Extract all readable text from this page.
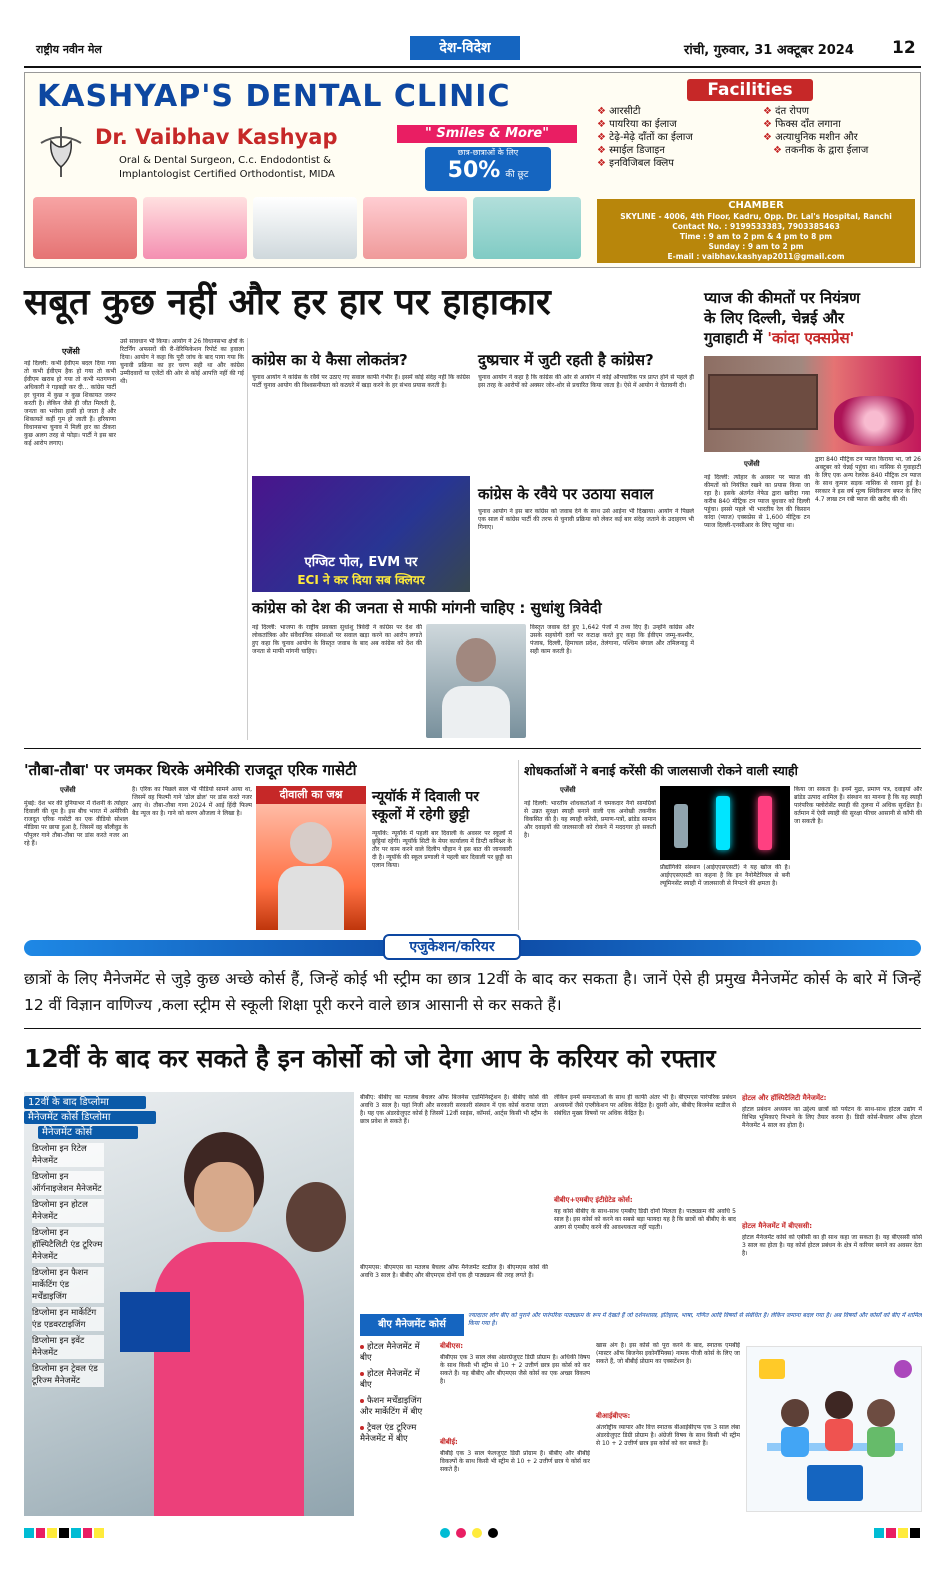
राष्ट्रीय नवीन मेल	देश-विदेश	रांची, गुरुवार, 31 अक्टूबर 2024 12
KASHYAP'S DENTAL CLINIC
Dr. Vaibhav Kashyap
Oral & Dental Surgeon, C.c. Endodontist &
Implantologist Certified Orthodontist, MIDA
" Smiles & More"
छात्र-छात्राओं के लिए
50% की छूट
Facilities
❖ आरसीटी
❖ पायरिया का ईलाज
❖ टेढ़े-मेढ़े दाँतों का ईलाज
❖ स्माईल डिजाइन
❖ इनविजिबल क्लिप
❖ दंत रोपण
❖ फिक्स दाँत लगाना
❖ अत्याधुनिक मशीन और
❖ तकनीक के द्वारा ईलाज
CHAMBER
SKYLINE - 4006, 4th Floor, Kadru, Opp. Dr. Lal's Hospital, Ranchi
Contact No. : 9199533383, 7903385463
Time : 9 am to 2 pm & 4 pm to 8 pm
Sunday : 9 am to 2 pm
E-mail : vaibhav.kashyap2011@gmail.com
सबूत कुछ नहीं और हर हार पर हाहाकार
एजेंसी
नई दिल्ली: कभी ईवीएम बदल दिया गया तो कभी ईवीएम हैक हो गया तो कभी ईवीएम खराब हो गया तो कभी मतगणना अधिकारी ने गड़बड़ी कर दी... कांग्रेस पार्टी हर चुनाव में कुछ न कुछ शिकायत जरूर करती है। लेकिन जैसे ही जीत मिलती है, जनता का भरोसा हासी हो जाता है और शिकायतें कहीं गुम हो जाती हैं। हरियाणा विधानसभा चुनाव में मिली हार का ठीकरा कुछ अलग तरह से फोड़ा। पार्टी ने इस बार कई आरोप लगाए।
उसे सावधान भी किया। आयोग ने 26 विधानसभा क्षेत्रों के रिटर्निंग अफसरों की री-वेरिफिकेशन रिपोर्ट का हवाला दिया। आयोग ने कहा कि पूरी जांच के बाद पाया गया कि चुनावी प्रक्रिया का हर चरण सही था और कांग्रेस उम्मीदवारों या एजेंटों की ओर से कोई आपत्ति नहीं की गई थी।
कांग्रेस का ये कैसा लोकतंत्र?
चुनाव आयोग ने कांग्रेस के रवैये पर उठाए गए सवाल काफी गंभीर हैं। इसमें कोई संदेह नहीं कि कांग्रेस पार्टी चुनाव आयोग की विश्वसनीयता को कठघरे में खड़ा करने के हर संभव प्रयास करती है।
दुष्प्रचार में जुटी रहती है कांग्रेस?
चुनाव आयोग ने कहा है कि कांग्रेस की ओर से आयोग में कोई औपचारिक पत्र प्राप्त होने से पहले ही इस तरह के आरोपों को अक्सर जोर-शोर से प्रचारित किया जाता है। ऐसे में आयोग ने चेतावनी दी।
एग्जिट पोल, EVM पर
ECI ने कर दिया सब क्लियर
कांग्रेस के रवैये पर उठाया सवाल
चुनाव आयोग ने इस बार कांग्रेस को जवाब देने के साथ उसे आईना भी दिखाया। आयोग ने पिछले एक साल में कांग्रेस पार्टी की तरफ से चुनावी प्रक्रिया को लेकर कई बार संदेह जताने के उदाहरण भी गिनाए।
कांग्रेस को देश की जनता से माफी मांगनी चाहिए : सुधांशु त्रिवेदी
नई दिल्ली: भाजपा के राष्ट्रीय प्रवक्ता सुधांशु त्रिवेदी ने कांग्रेस पर देश की लोकतांत्रिक और संवैधानिक संस्थाओं पर सवाल खड़ा करने का आरोप लगाते हुए कहा कि चुनाव आयोग के विस्तृत जवाब के बाद अब कांग्रेस को देश की जनता से माफी मांगनी चाहिए।
विस्तृत जवाब देते हुए 1,642 पेजों में तथ्य दिए हैं। उन्होंने कांग्रेस और उसके सहयोगी दलों पर कटाक्ष करते हुए कहा कि ईवीएम जम्मू-कश्मीर, पंजाब, दिल्ली, हिमाचल प्रदेश, तेलंगाना, पश्चिम बंगाल और तमिलनाडु में सही काम करती है।
प्याज की कीमतों पर नियंत्रण
के लिए दिल्ली, चेन्नई और
गुवाहाटी में 'कांदा एक्सप्रेस'
एजेंसी
नई दिल्ली: त्योहार के अवसर पर प्याज की कीमतों को नियंत्रित रखने का प्रयास किया जा रहा है। इसके अंतर्गत नेफेड द्वारा खरीदा गया करीब 840 मीट्रिक टन प्याज बुधवार को दिल्ली पहुंचा। इससे पहले भी भारतीय रेल की किसान कांदा (प्याज) एक्सप्रेस से 1,600 मीट्रिक टन प्याज दिल्ली-एनसीआर के लिए पहुंचा था।
द्वारा 840 मीट्रिक टन प्याज किराया भा, जो 26 अक्टूबर को चेन्नई पहुंचा था। नासिक से गुवाहाटी के लिए एक अन्य रेलरेक 840 मीट्रिक टन प्याज के साथ कुमार सड़क नासिक से रवाना हुई है। सरकार ने इस वर्ष मूल्य स्थिरीकरण बफर के लिए 4.7 लाख टन रबी प्याज की खरीद की थी।
'तौबा-तौबा' पर जमकर थिरके अमेरिकी राजदूत एरिक गासेटी
एजेंसी
मुंबई: देश भर की दुनियाभर में रोशनी के त्योहार दिवाली की धूम है। इस बीच भारत में अमेरिकी राजदूत एरिक गासेटी का एक वीडियो सोशल मीडिया पर छाया हुआ है, जिसमें वह बॉलीवुड के पॉपुलर गाने तौबा-तौबा पर डांस करते नजर आ रहे हैं।
है। एरिक का पिछले साल भी पीडियो सामने आया था, जिसमें वह फिल्मी गाने 'ढोल ढोल' पर डांस करते नजर आए थे। तौबा-तौबा गाना 2024 में आई हिंदी फिल्म बैड न्यूज का है। गाने को करण औजला ने लिखा है।
दीवाली का जश्न	न्यूयॉर्क में दिवाली पर
स्कूलों में रहेगी छुट्टी
न्यूयॉर्क: न्यूयॉर्क में पहली बार दिवाली के अवसर पर स्कूलों में छुट्टियां रहेंगी। न्यूयॉर्क सिटी के मेयर कार्यालय में डिप्टी कमिश्नर के तौर पर काम करने वाले दिलीप चौहान ने इस बात की जानकारी दी है। न्यूयॉर्क की स्कूल प्रणाली ने पहली बार दिवाली पर छुट्टी का एलान किया।
शोधकर्ताओं ने बनाई करेंसी की जालसाजी रोकने वाली स्याही
एजेंसी
नई दिल्ली: भारतीय शोधकर्ताओं ने चमकदार नैनो सामग्रियों से उन्नत सुरक्षा स्याही बनाने वाली एक अनोखी तकनीक विकसित की है। यह स्याही करेंसी, प्रमाण-पत्रों, ब्रांडेड सामान और दवाइयों की जालसाजी को रोकने में मददगार हो सकती है।
प्रौद्योगिकी संस्थान (आईएएसएसटी) ने यह खोज की है। आईएएसएसटी का कहना है कि इन नैनोमैटेरियल से बनी ल्यूमिनसेंट स्याही में जालसाजी से निपटने की क्षमता है।
किया जा सकता है। इनमें मुद्रा, प्रमाण पत्र, दवाइयां और ब्रांडेड उत्पाद शामिल हैं। संस्थान का मानना है कि यह स्याही पारंपरिक फ्लोरोसेंट स्याही की तुलना में अधिक सुरक्षित है। वर्तमान में ऐसी स्याही की सुरक्षा फीचर आसानी से कॉपी की जा सकती है।
एजुकेशन/करियर
छात्रों के लिए मैनेजमेंट से जुड़े कुछ अच्छे कोर्स हैं, जिन्हें कोई भी स्ट्रीम का छात्र 12वीं के बाद कर सकता है। जानें ऐसे ही प्रमुख मैनेजमेंट कोर्स के बारे में जिन्हें 12 वीं विज्ञान वाणिज्य ,कला स्ट्रीम से स्कूली शिक्षा पूरी करने वाले छात्र आसानी से कर सकते हैं।
12वीं के बाद कर सकते है इन कोर्सो को जो देगा आप के करियर को रफ्तार
12वीं के बाद डिप्लोमा
मैनेजमेंट कोर्स डिप्लोमा
मैनेजमेंट कोर्स
डिप्लोमा इन रिटेल मैनेजमेंट
डिप्लोमा इन ऑर्गनाइजेशन मैनेजमेंट
डिप्लोमा इन होटल मैनेजमेंट
डिप्लोमा इन हॉस्पिटैलिटी एंड टूरिज्म मैनेजमेंट
डिप्लोमा इन फैशन मार्केटिंग एंड मर्चेंडाइजिंग
डिप्लोमा इन मार्केटिंग एंड एडवरटाइजिंग
डिप्लोमा इन इवेंट मैनेजमेंट
डिप्लोमा इन ट्रेवल एंड टूरिज्म मैनेजमेंट
बीबीए: बीबीए का मतलब बैचलर ऑफ बिजनेस एडमिनिस्ट्रेशन है। बीबीए कोर्स की अवधि 3 साल है। यहां निजी और सरकारी सरकारी संस्थान में एक कोर्स कराया जाता है। यह एक अंडरग्रेजुएट कोर्स है जिसमें 12वीं साइंस, कॉमर्स, आर्ट्स किसी भी स्ट्रीम के छात्र प्रवेश ले सकते हैं।
बीएमएस: बीएमएस का मतलब बैचलर ऑफ मैनेजमेंट स्टडीज है। बीएमएस कोर्स की अवधि 3 साल है। बीबीए और बीएमएस दोनों एक ही पाठ्यक्रम की तरह लगते हैं।
लेकिन इनमें समानताओं के साथ ही काफी अंतर भी है। बीएमएस पारंपरिक प्रबंधन अध्ययनों जैसे एप्लीकेशन पर अधिक केंद्रित है। दूसरी ओर, बीबीए बिजनेस स्टडीज से संबंधित मुख्य विषयों पर अधिक केंद्रित है।
बीबीए+एमबीए इंटीग्रेटेड कोर्स:
यह कोर्स बीबीए के साथ-साथ एमबीए डिग्री दोनों मिलता है। पाठ्यक्रम की अवधि 5 साल है। इस कोर्स को करने का सबसे बड़ा फायदा यह है कि छात्रों को बीबीए के बाद अलग से एमबीए करने की आवश्यकता नहीं पड़ती।
होटल और हॉस्पिटैलिटी मैनेजमेंट:
होटल प्रबंधन अध्ययन का उद्देश्य छात्रों को पर्यटन के साथ-साथ होटल उद्योग में विभिन्न भूमिकाएं निभाने के लिए तैयार करना है। डिग्री कोर्स-बैचलर ऑफ होटल मैनेजमेंट 4 साल का होता है।
होटल मैनेजमेंट में बीएससी:
होटल मैनेजमेंट कोर्स को एबीसी का ही साथ कहा जा सकता है। यह बीएससी कोर्स 3 साल का होता है। यह कोर्स होटल प्रबंधन के क्षेत्र में करियर बनाने का अवसर देता है।
बीए मैनेजमेंट कोर्स
ज्यादातर लोग बीए को पुराने और पारंपरिक पाठ्यक्रम के रूप में देखते हैं जो दर्शनशास्त्र, इतिहास, भाषा, गणित आदि विषयों से संबंधित है। लेकिन जमाना बदल गया है। अब विषयों और कोर्सों को बीए में शामिल किया गया है।
होटल मैनेजमेंट में बीए
होटल मैनेजमेंट में बीए
फैशन मर्चेंडाइजिंग और मार्केटिंग में बीए
ट्रैवल एंड टूरिज्म मैनेजमेंट में बीए
बीबीएस:
बीबीएस एक 3 साल लंबा अंडरग्रेजुएट डिग्री प्रोग्राम है। अधिकी विषय के साथ किसी भी स्ट्रीम से 10 + 2 उत्तीर्ण छात्र इस कोर्स को कर सकते हैं। यह बीबीए और बीएमएस जैसे कोर्स का एक अच्छा विकल्प है।
बीबीई:
बीबीई एक 3 साल फेलजुएट डिग्री प्रोग्राम है। बीबीए और बीबीई विकल्पों के साथ किसी भी स्ट्रीम से 10 + 2 उत्तीर्ण छात्र ये कोर्स कर सकते हैं।
खास अंग है। इस कोर्स को पूरा करने के बाद, स्नातक एमबीई (मास्टर ऑफ बिजनेस इकोनॉमिक्स) नामक पीजी कोर्स के लिए जा सकते हैं, जो बीबीई प्रोग्राम का एक्सटेंशन है।
बीआईबीएफ:
अंतर्राष्ट्रीय व्यापार और वित्त स्नातक बीआईबीएफ एक 3 साल लंबा अंडरग्रेजुएट डिग्री प्रोग्राम है। अंग्रेजी विषय के साथ किसी भी स्ट्रीम से 10 + 2 उत्तीर्ण छात्र इस कोर्स को कर सकते हैं।
